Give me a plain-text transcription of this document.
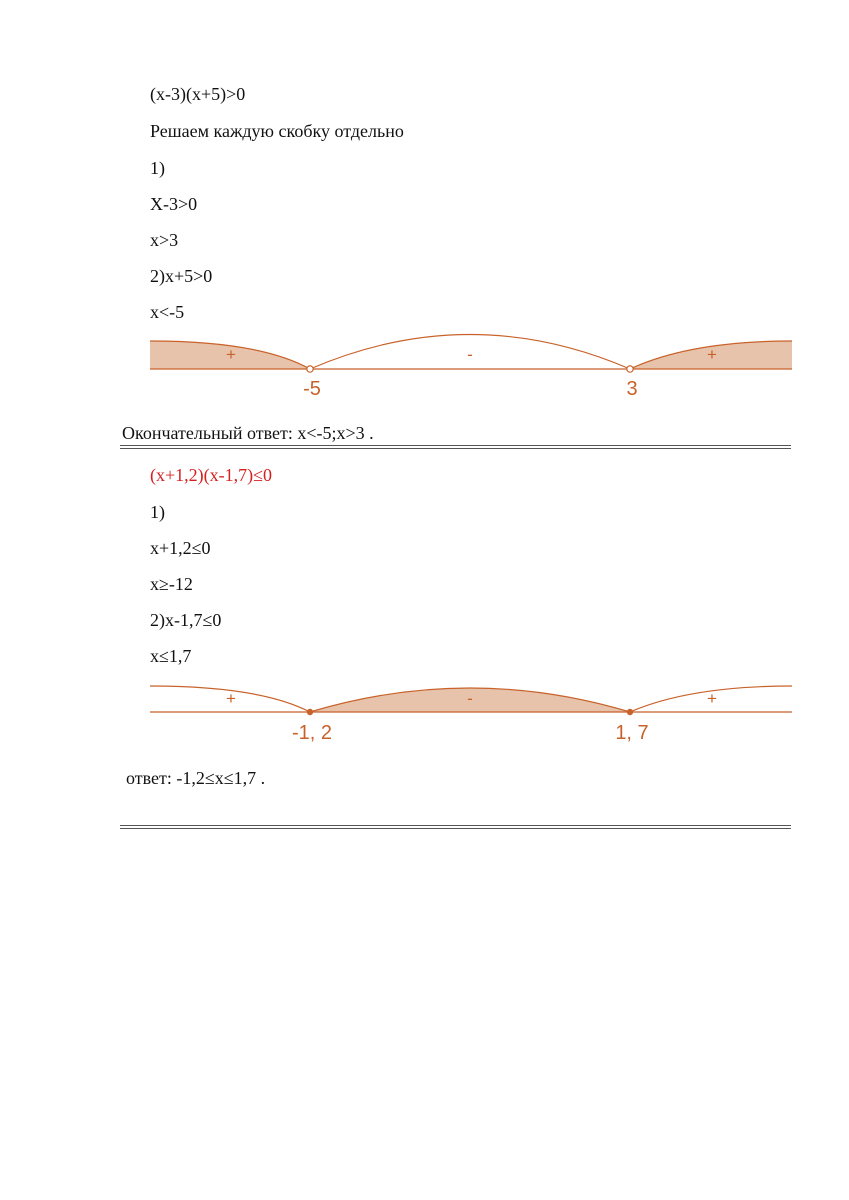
(x-3)(x+5)>0
Решаем каждую скобку отдельно
1)
X-3>0
x>3
2)x+5>0
x<-5
+	-	+
-5	3
Окончательный ответ: x<-5;x>3 .
(x+1,2)(x-1,7)≤0
1)
x+1,2≤0
x≥-12
2)x-1,7≤0
x≤1,7
+	-	+
-1, 2	1, 7
ответ: -1,2≤x≤1,7 .
